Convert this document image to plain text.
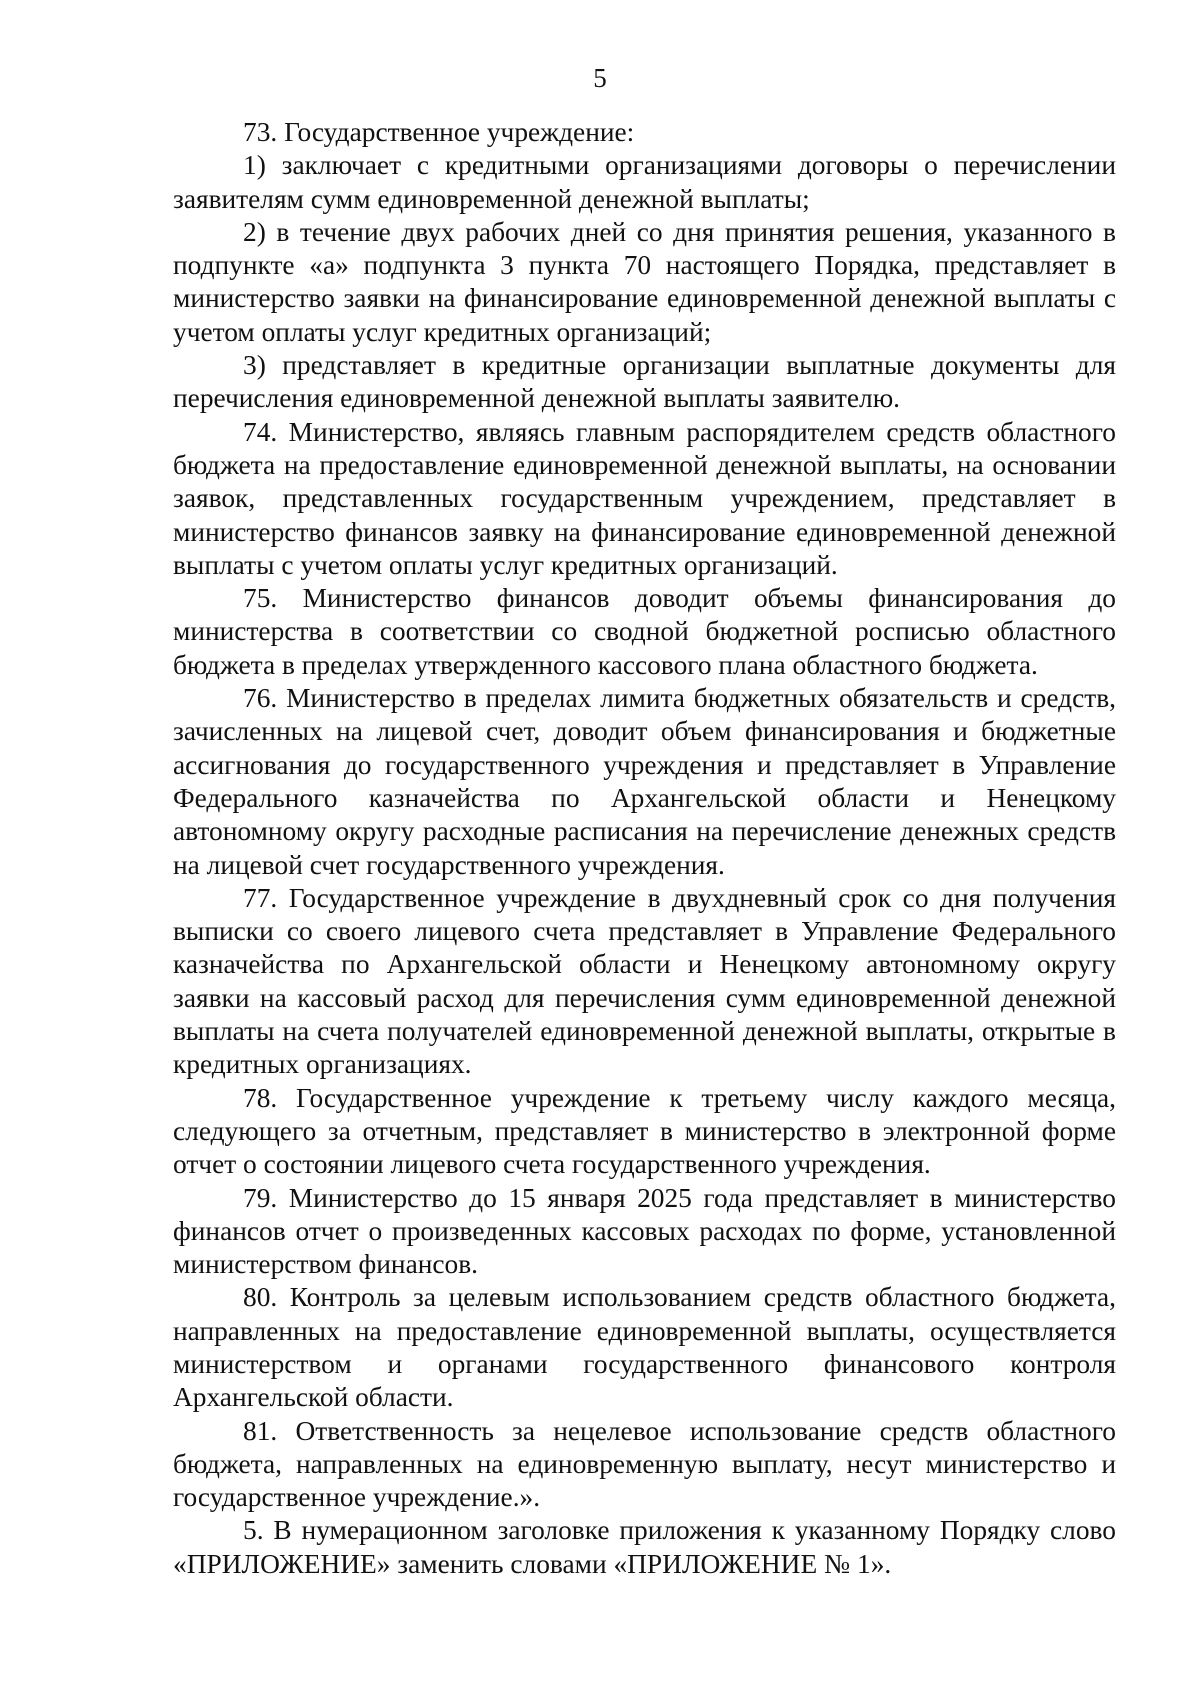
5

73. Государственное учреждение:

1) заключает с кредитными организациями договоры о перечислении заявителям сумм единовременной денежной выплаты;

2) в течение двух рабочих дней со дня принятия решения, указанного в подпункте «а» подпункта 3 пункта 70 настоящего Порядка, представляет в министерство заявки на финансирование единовременной денежной выплаты с учетом оплаты услуг кредитных организаций;

3) представляет в кредитные организации выплатные документы для перечисления единовременной денежной выплаты заявителю.

74. Министерство, являясь главным распорядителем средств областного бюджета на предоставление единовременной денежной выплаты, на основании заявок, представленных государственным учреждением, представляет в министерство финансов заявку на финансирование единовременной денежной выплаты с учетом оплаты услуг кредитных организаций.

75. Министерство финансов доводит объемы финансирования до министерства в соответствии со сводной бюджетной росписью областного бюджета в пределах утвержденного кассового плана областного бюджета.

76. Министерство в пределах лимита бюджетных обязательств и средств, зачисленных на лицевой счет, доводит объем финансирования и бюджетные ассигнования до государственного учреждения и представляет в Управление Федерального казначейства по Архангельской области и Ненецкому автономному округу расходные расписания на перечисление денежных средств на лицевой счет государственного учреждения.

77. Государственное учреждение в двухдневный срок со дня получения выписки со своего лицевого счета представляет в Управление Федерального казначейства по Архангельской области и Ненецкому автономному округу заявки на кассовый расход для перечисления сумм единовременной денежной выплаты на счета получателей единовременной денежной выплаты, открытые в кредитных организациях.

78. Государственное учреждение к третьему числу каждого месяца, следующего за отчетным, представляет в министерство в электронной форме отчет о состоянии лицевого счета государственного учреждения.

79. Министерство до 15 января 2025 года представляет в министерство финансов отчет о произведенных кассовых расходах по форме, установленной министерством финансов.

80. Контроль за целевым использованием средств областного бюджета, направленных на предоставление единовременной выплаты, осуществляется министерством и органами государственного финансового контроля Архангельской области.

81. Ответственность за нецелевое использование средств областного бюджета, направленных на единовременную выплату, несут министерство и государственное учреждение.».

5. В нумерационном заголовке приложения к указанному Порядку слово «ПРИЛОЖЕНИЕ» заменить словами «ПРИЛОЖЕНИЕ № 1».
